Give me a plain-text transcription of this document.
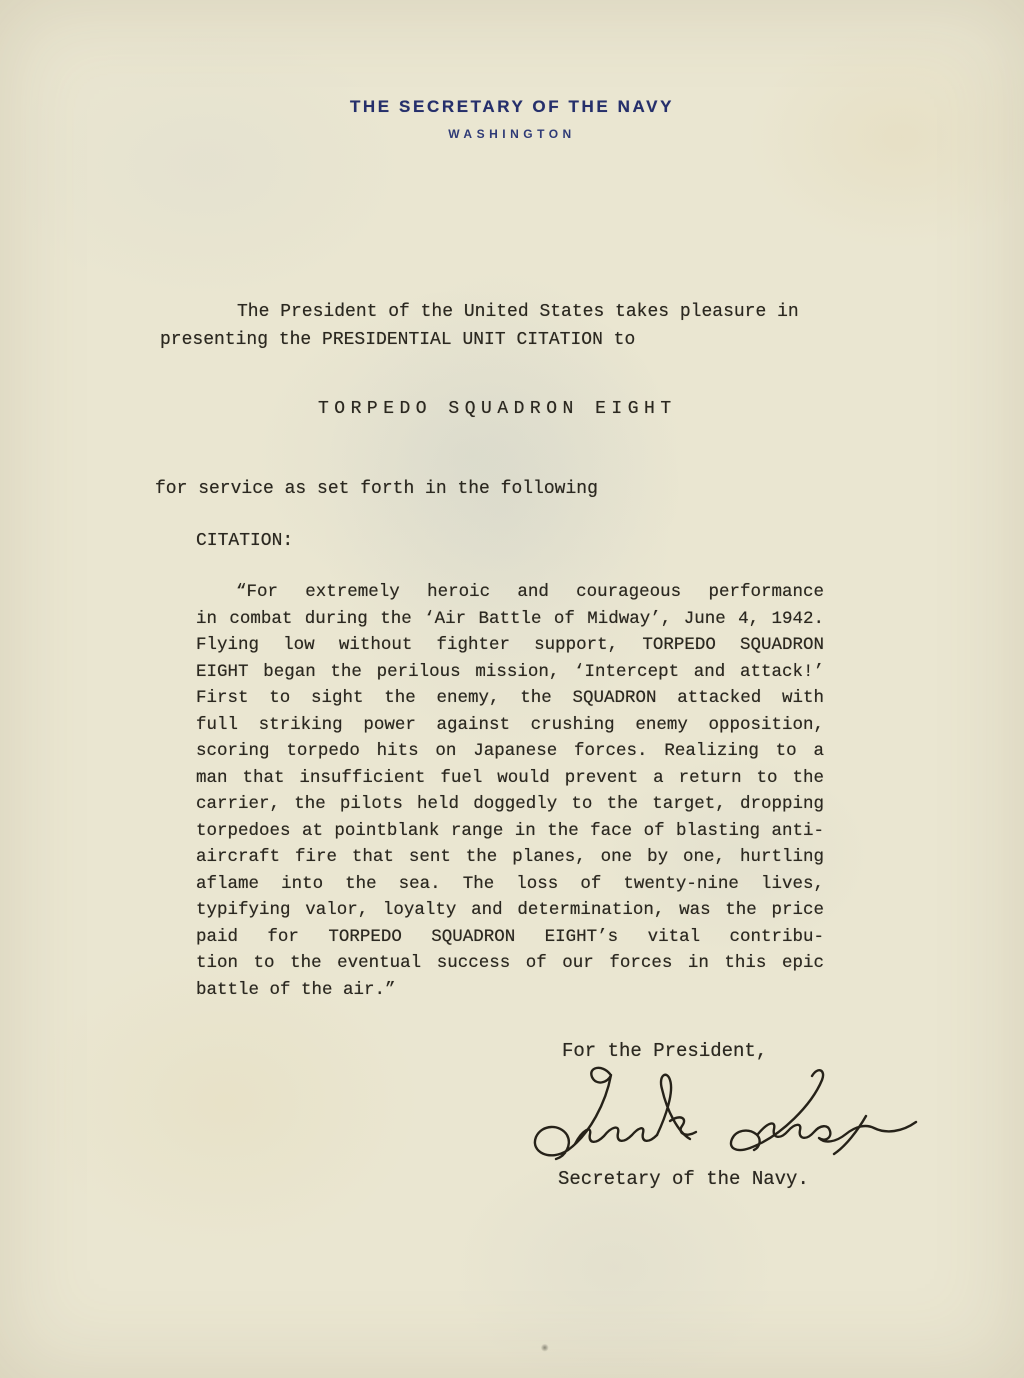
THE SECRETARY OF THE NAVY
WASHINGTON
The President of the United States takes pleasure in
presenting the PRESIDENTIAL UNIT CITATION to
TORPEDO SQUADRON EIGHT
for service as set forth in the following
CITATION:
“For extremely heroic and courageous performance
in combat during the ‘Air Battle of Midway’, June 4, 1942.
Flying low without fighter support, TORPEDO SQUADRON
EIGHT began the perilous mission, ‘Intercept and attack!’
First to sight the enemy, the SQUADRON attacked with
full striking power against crushing enemy opposition,
scoring torpedo hits on Japanese forces. Realizing to a
man that insufficient fuel would prevent a return to the
carrier, the pilots held doggedly to the target, dropping
torpedoes at pointblank range in the face of blasting anti-
aircraft fire that sent the planes, one by one, hurtling
aflame into the sea. The loss of twenty-nine lives,
typifying valor, loyalty and determination, was the price
paid for TORPEDO SQUADRON EIGHT’s vital contribu-
tion to the eventual success of our forces in this epic
battle of the air.”
For the President,
Secretary of the Navy.
